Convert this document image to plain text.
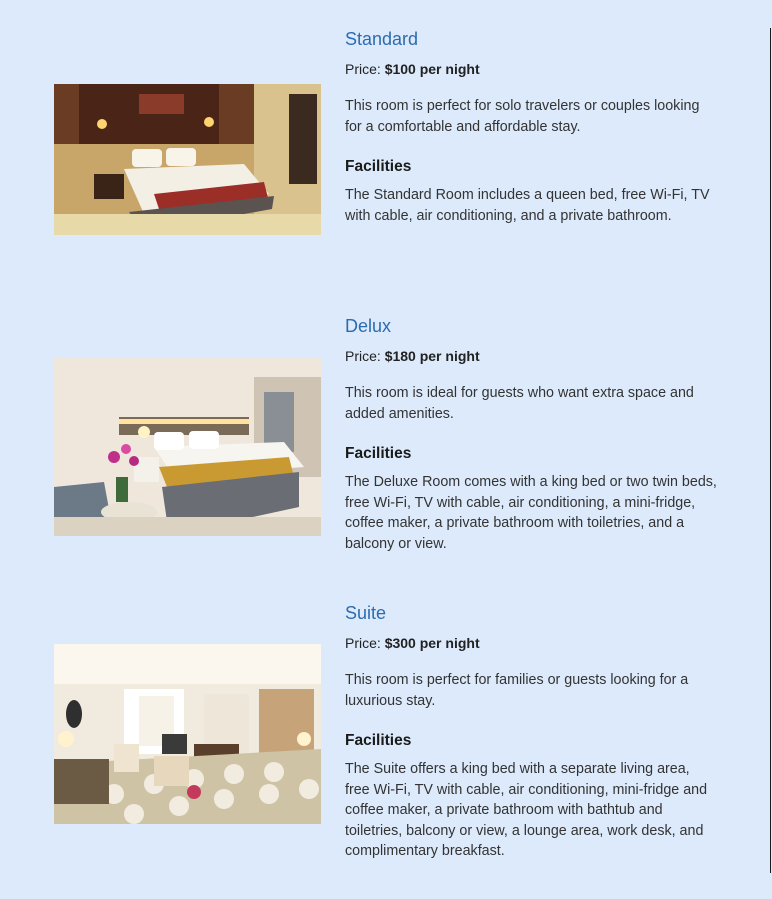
Standard

Price: $100 per night

This room is perfect for solo travelers or couples looking for a comfortable and affordable stay.

Facilities

The Standard Room includes a queen bed, free Wi-Fi, TV with cable, air conditioning, and a private bathroom.

Delux

Price: $180 per night

This room is ideal for guests who want extra space and added amenities.

Facilities

The Deluxe Room comes with a king bed or two twin beds, free Wi-Fi, TV with cable, air conditioning, a mini-fridge, coffee maker, a private bathroom with toiletries, and a balcony or view.

Suite

Price: $300 per night

This room is perfect for families or guests looking for a luxurious stay.

Facilities

The Suite offers a king bed with a separate living area, free Wi-Fi, TV with cable, air conditioning, mini-fridge and coffee maker, a private bathroom with bathtub and toiletries, balcony or view, a lounge area, work desk, and complimentary breakfast.
